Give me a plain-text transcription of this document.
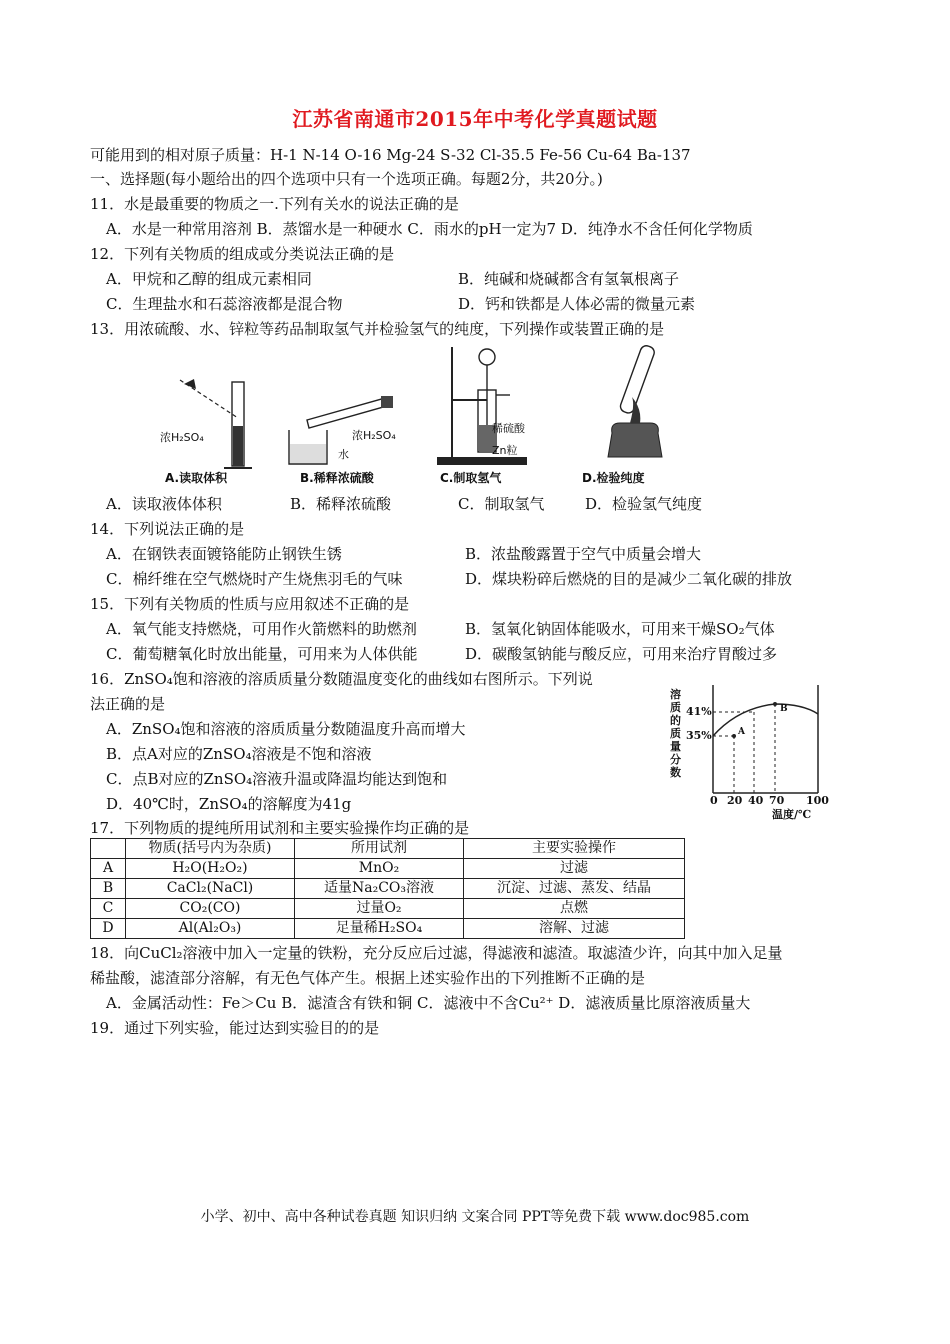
江苏省南通市2015年中考化学真题试题
可能用到的相对原子质量：H-1 N-14 O-16 Mg-24 S-32 Cl-35.5 Fe-56 Cu-64 Ba-137
一、选择题(每小题给出的四个选项中只有一个选项正确。每题2分，共20分。)
11．水是最重要的物质之一.下列有关水的说法正确的是
A．水是一种常用溶剂 B．蒸馏水是一种硬水 C．雨水的pH一定为7 D．纯净水不含任何化学物质
12．下列有关物质的组成或分类说法正确的是
A．甲烷和乙醇的组成元素相同	B．纯碱和烧碱都含有氢氧根离子
C．生理盐水和石蕊溶液都是混合物	D．钙和铁都是人体必需的微量元素
13．用浓硫酸、水、锌粒等药品制取氢气并检验氢气的纯度，下列操作或装置正确的是
浓H₂SO₄
A.读取体积
浓H₂SO₄
水
B.稀释浓硫酸
稀硫酸
Zn粒
C.制取氢气	D.检验纯度
A．读取液体体积	B．稀释浓硫酸	C．制取氢气	D．检验氢气纯度
14．下列说法正确的是
A．在钢铁表面镀铬能防止钢铁生锈	B．浓盐酸露置于空气中质量会增大
C．棉纤维在空气燃烧时产生烧焦羽毛的气味	D．煤块粉碎后燃烧的目的是减少二氧化碳的排放
15．下列有关物质的性质与应用叙述不正确的是
A．氧气能支持燃烧，可用作火箭燃料的助燃剂	B．氢氧化钠固体能吸水，可用来干燥SO₂气体
C．葡萄糖氧化时放出能量，可用来为人体供能	D．碳酸氢钠能与酸反应，可用来治疗胃酸过多
16．ZnSO₄饱和溶液的溶质质量分数随温度变化的曲线如右图所示。下列说
法正确的是
A．ZnSO₄饱和溶液的溶质质量分数随温度升高而增大
B．点A对应的ZnSO₄溶液是不饱和溶液
C．点B对应的ZnSO₄溶液升温或降温均能达到饱和
D．40℃时，ZnSO₄的溶解度为41g
溶质的质量分数
41%
35%	A
B
0 20 40 70 100
温度/℃
17．下列物质的提纯所用试剂和主要实验操作均正确的是
	物质(括号内为杂质)	所用试剂	主要实验操作
A	H₂O(H₂O₂)	MnO₂	过滤
B	CaCl₂(NaCl)	适量Na₂CO₃溶液	沉淀、过滤、蒸发、结晶
C	CO₂(CO)	过量O₂	点燃
D	Al(Al₂O₃)	足量稀H₂SO₄	溶解、过滤
18．向CuCl₂溶液中加入一定量的铁粉，充分反应后过滤，得滤液和滤渣。取滤渣少许，向其中加入足量
稀盐酸，滤渣部分溶解，有无色气体产生。根据上述实验作出的下列推断不正确的是
A．金属活动性：Fe＞Cu B．滤渣含有铁和铜 C．滤液中不含Cu²⁺ D．滤液质量比原溶液质量大
19．通过下列实验，能过达到实验目的的是
小学、初中、高中各种试卷真题 知识归纳 文案合同 PPT等免费下载 www.doc985.com
